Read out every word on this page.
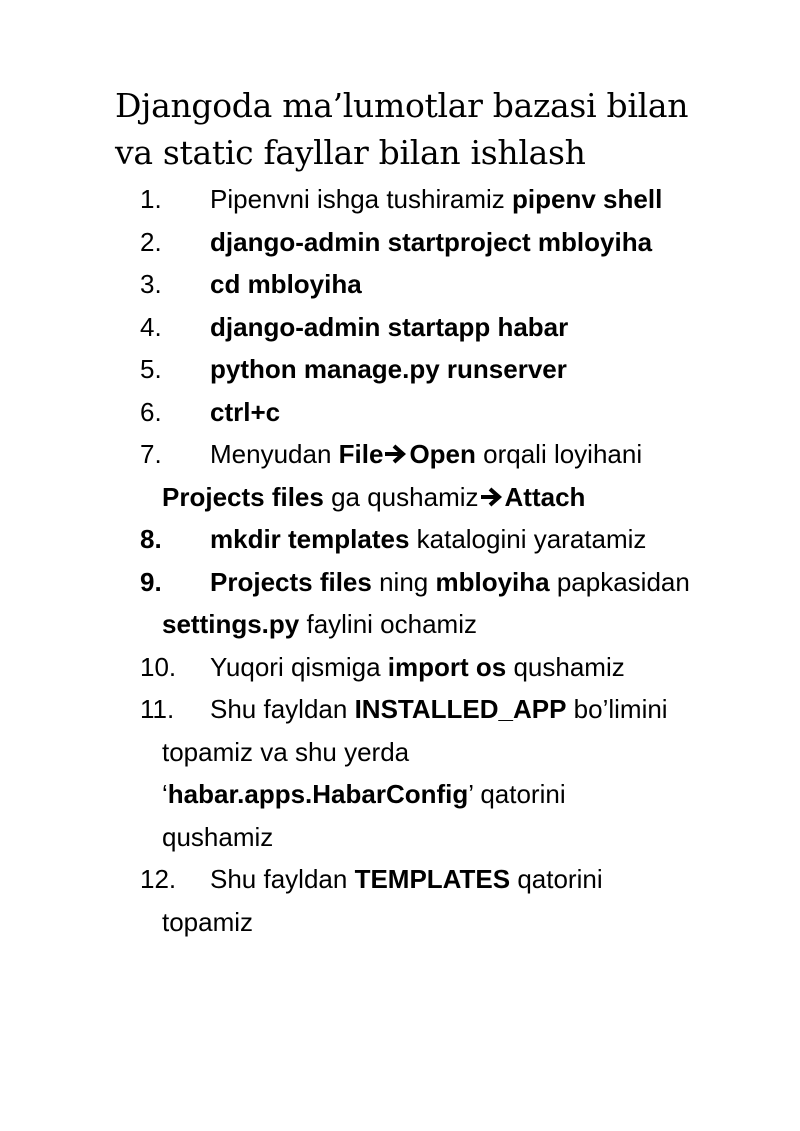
Djangoda ma’lumotlar bazasi bilan
va static fayllar bilan ishlash
1. Pipenvni ishga tushiramiz pipenv shell
2. django-admin startproject mbloyiha
3. cd mbloyiha
4. django-admin startapp habar
5. python manage.py runserver
6. ctrl+c
7. Menyudan File Open orqali loyihani
Projects files ga qushamiz Attach
8. mkdir templates katalogini yaratamiz
9. Projects files ning mbloyiha papkasidan
settings.py faylini ochamiz
10. Yuqori qismiga import os qushamiz
11. Shu fayldan INSTALLED_APP bo’limini
topamiz va shu yerda
‘habar.apps.HabarConfig’ qatorini
qushamiz
12. Shu fayldan TEMPLATES qatorini
topamiz
